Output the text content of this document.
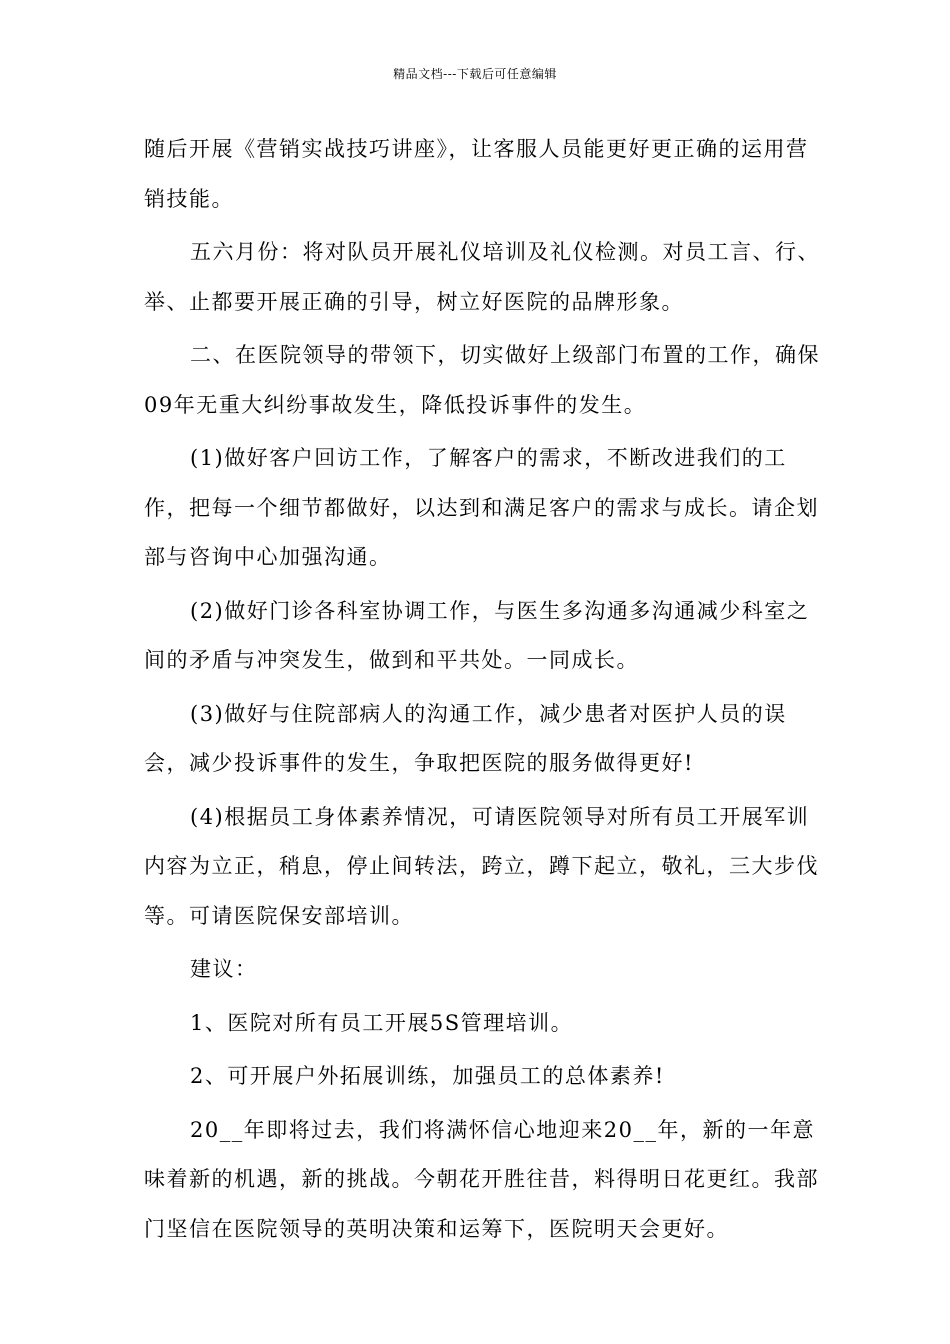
精品文档---下载后可任意编辑

随后开展《营销实战技巧讲座》，让客服人员能更好更正确的运用营销技能。

五六月份：将对队员开展礼仪培训及礼仪检测。对员工言、行、举、止都要开展正确的引导，树立好医院的品牌形象。

二、在医院领导的带领下，切实做好上级部门布置的工作，确保09年无重大纠纷事故发生，降低投诉事件的发生。

(1)做好客户回访工作，了解客户的需求，不断改进我们的工作，把每一个细节都做好，以达到和满足客户的需求与成长。请企划部与咨询中心加强沟通。

(2)做好门诊各科室协调工作，与医生多沟通多沟通减少科室之间的矛盾与冲突发生，做到和平共处。一同成长。

(3)做好与住院部病人的沟通工作，减少患者对医护人员的误会，减少投诉事件的发生，争取把医院的服务做得更好!

(4)根据员工身体素养情况，可请医院领导对所有员工开展军训内容为立正，稍息，停止间转法，跨立，蹲下起立，敬礼，三大步伐等。可请医院保安部培训。

建议：

1、医院对所有员工开展5S管理培训。

2、可开展户外拓展训练，加强员工的总体素养!

20__年即将过去，我们将满怀信心地迎来20__年，新的一年意味着新的机遇，新的挑战。今朝花开胜往昔，料得明日花更红。我部门坚信在医院领导的英明决策和运筹下，医院明天会更好。
